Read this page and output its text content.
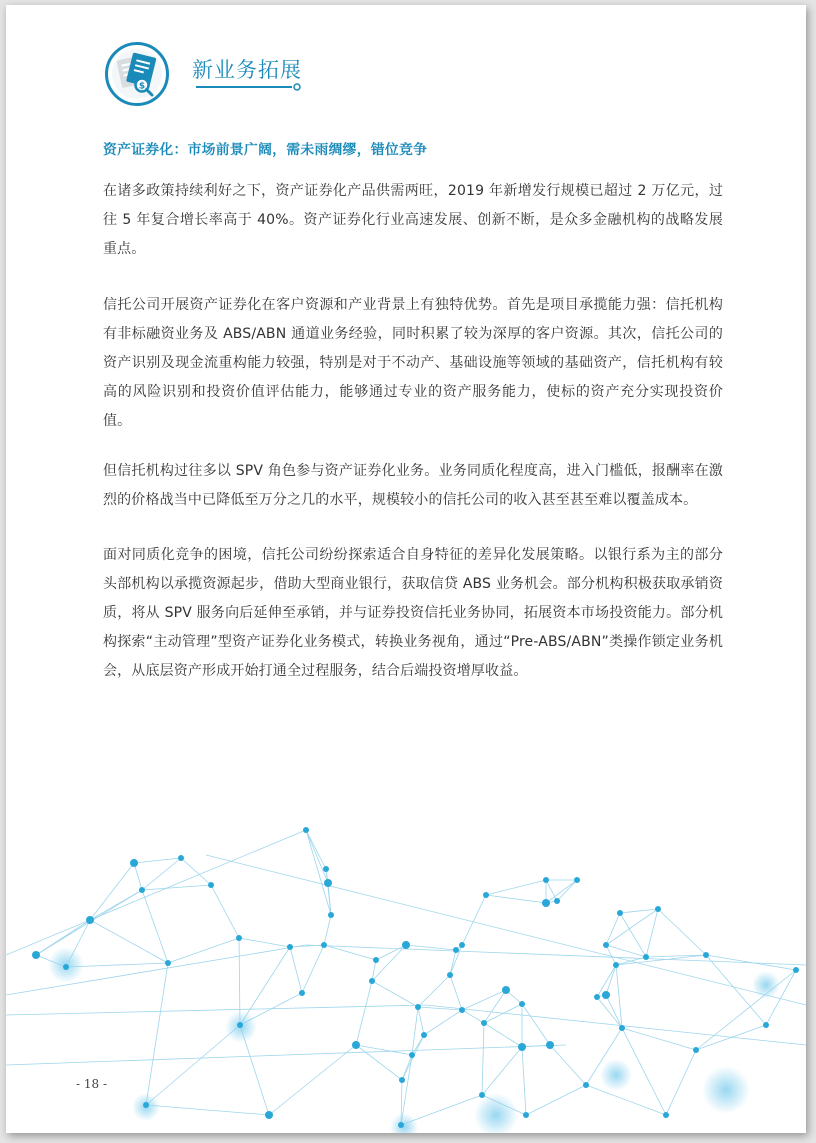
$
新业务拓展
资产证券化：市场前景广阔，需未雨绸缪，错位竞争

在诸多政策持续利好之下，资产证券化产品供需两旺，2019 年新增发行规模已超过 2 万亿元，过往 5 年复合增长率高于 40%。资产证券化行业高速发展、创新不断，是众多金融机构的战略发展重点。

信托公司开展资产证券化在客户资源和产业背景上有独特优势。首先是项目承揽能力强：信托机构有非标融资业务及 ABS/ABN 通道业务经验，同时积累了较为深厚的客户资源。其次，信托公司的资产识别及现金流重构能力较强，特别是对于不动产、基础设施等领域的基础资产，信托机构有较高的风险识别和投资价值评估能力，能够通过专业的资产服务能力，使标的资产充分实现投资价值。

但信托机构过往多以 SPV 角色参与资产证券化业务。业务同质化程度高，进入门槛低，报酬率在激烈的价格战当中已降低至万分之几的水平，规模较小的信托公司的收入甚至甚至难以覆盖成本。

面对同质化竞争的困境，信托公司纷纷探索适合自身特征的差异化发展策略。以银行系为主的部分头部机构以承揽资源起步，借助大型商业银行，获取信贷 ABS 业务机会。部分机构积极获取承销资质，将从 SPV 服务向后延伸至承销，并与证券投资信托业务协同，拓展资本市场投资能力。部分机构探索“主动管理”型资产证券化业务模式，转换业务视角，通过“Pre-ABS/ABN”类操作锁定业务机会，从底层资产形成开始打通全过程服务，结合后端投资增厚收益。

- 18 -
